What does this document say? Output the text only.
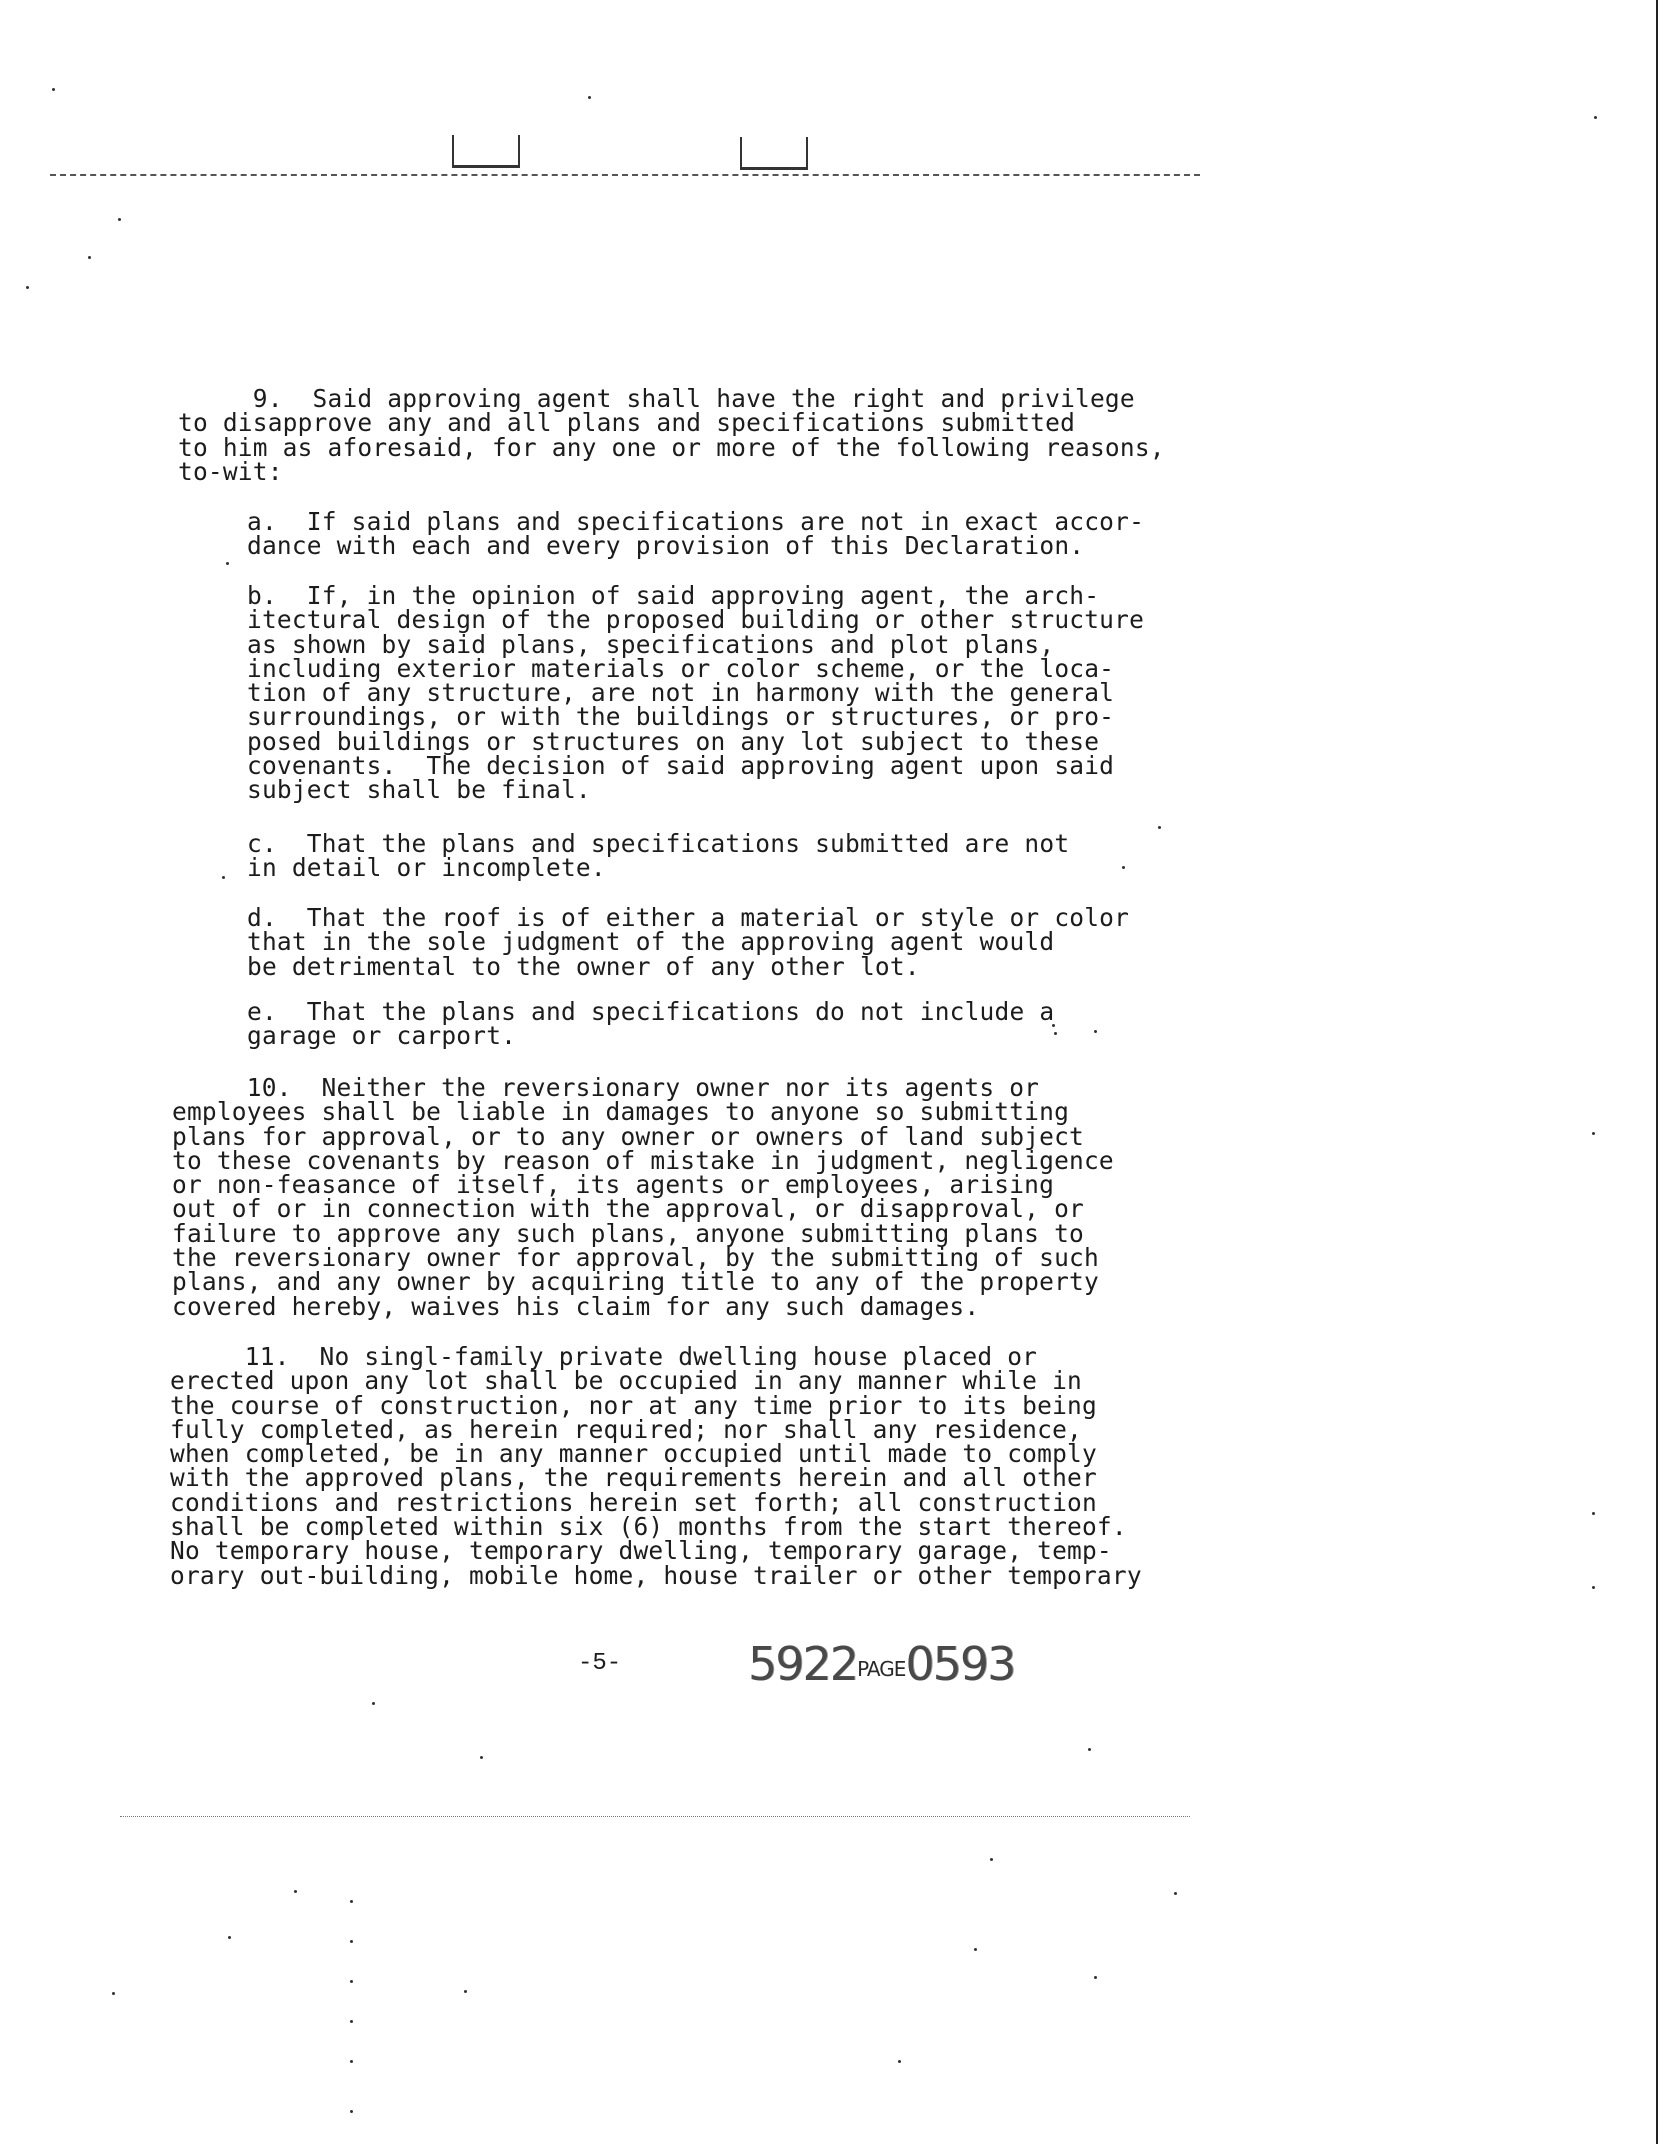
9.  Said approving agent shall have the right and privilege
to disapprove any and all plans and specifications submitted
to him as aforesaid, for any one or more of the following reasons,
to-wit:
a.  If said plans and specifications are not in exact accor-
dance with each and every provision of this Declaration.
b.  If, in the opinion of said approving agent, the arch-
itectural design of the proposed building or other structure
as shown by said plans, specifications and plot plans,
including exterior materials or color scheme, or the loca-
tion of any structure, are not in harmony with the general
surroundings, or with the buildings or structures, or pro-
posed buildings or structures on any lot subject to these
covenants.  The decision of said approving agent upon said
subject shall be final.
c.  That the plans and specifications submitted are not
in detail or incomplete.
d.  That the roof is of either a material or style or color
that in the sole judgment of the approving agent would
be detrimental to the owner of any other lot.
e.  That the plans and specifications do not include a
garage or carport.
10.  Neither the reversionary owner nor its agents or
employees shall be liable in damages to anyone so submitting
plans for approval, or to any owner or owners of land subject
to these covenants by reason of mistake in judgment, negligence
or non-feasance of itself, its agents or employees, arising
out of or in connection with the approval, or disapproval, or
failure to approve any such plans, anyone submitting plans to
the reversionary owner for approval, by the submitting of such
plans, and any owner by acquiring title to any of the property
covered hereby, waives his claim for any such damages.
11.  No singl-family private dwelling house placed or
erected upon any lot shall be occupied in any manner while in
the course of construction, nor at any time prior to its being
fully completed, as herein required; nor shall any residence,
when completed, be in any manner occupied until made to comply
with the approved plans, the requirements herein and all other
conditions and restrictions herein set forth; all construction
shall be completed within six (6) months from the start thereof.
No temporary house, temporary dwelling, temporary garage, temp-
orary out-building, mobile home, house trailer or other temporary
-5-	5922PAGE0593
